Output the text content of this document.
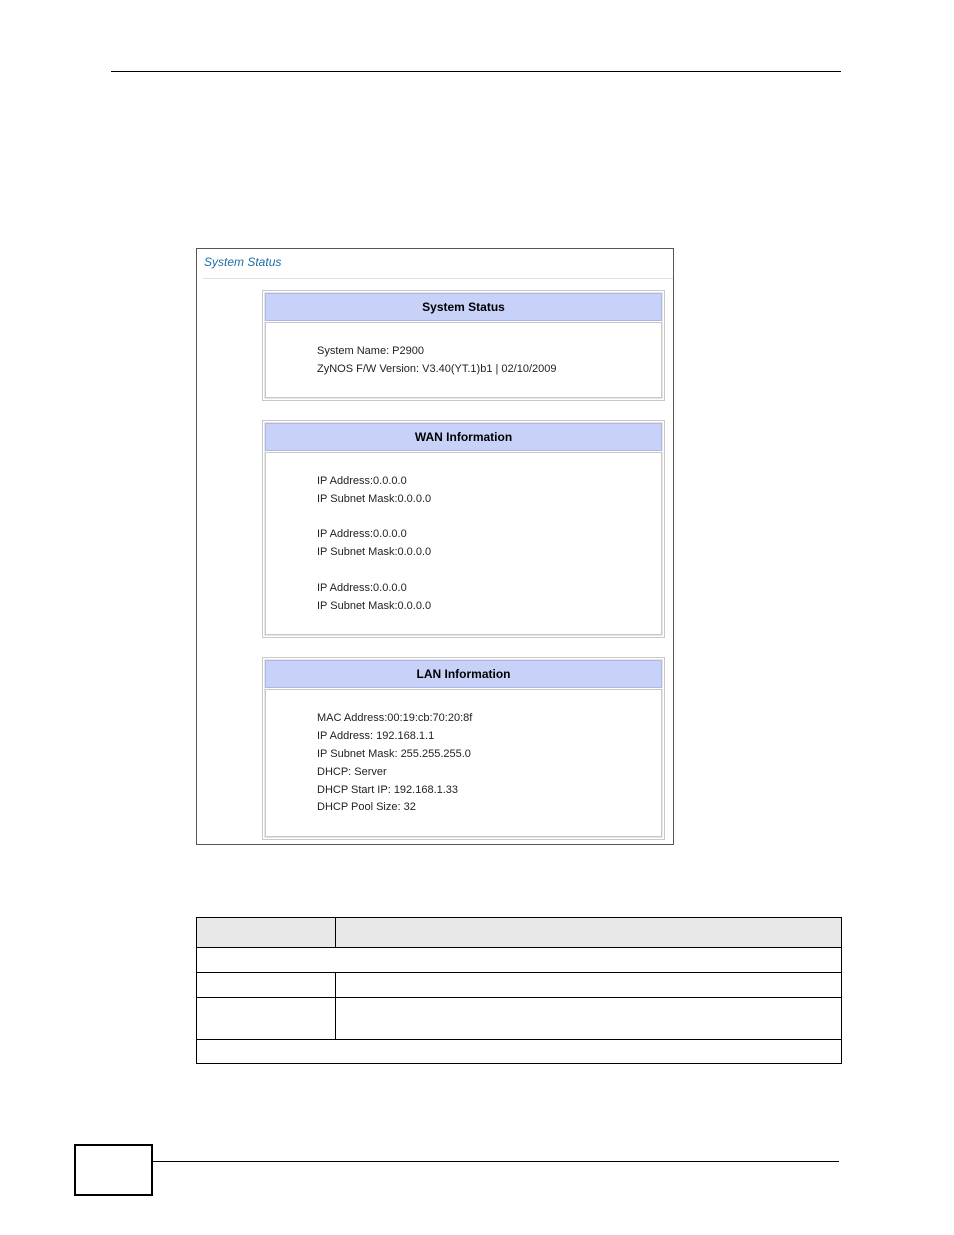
System Status
System Status
System Name: P2900
ZyNOS F/W Version: V3.40(YT.1)b1 | 02/10/2009
WAN Information
IP Address:0.0.0.0
IP Subnet Mask:0.0.0.0
IP Address:0.0.0.0
IP Subnet Mask:0.0.0.0
IP Address:0.0.0.0
IP Subnet Mask:0.0.0.0
LAN Information
MAC Address:00:19:cb:70:20:8f
IP Address: 192.168.1.1
IP Subnet Mask: 255.255.255.0
DHCP: Server
DHCP Start IP: 192.168.1.33
DHCP Pool Size: 32
